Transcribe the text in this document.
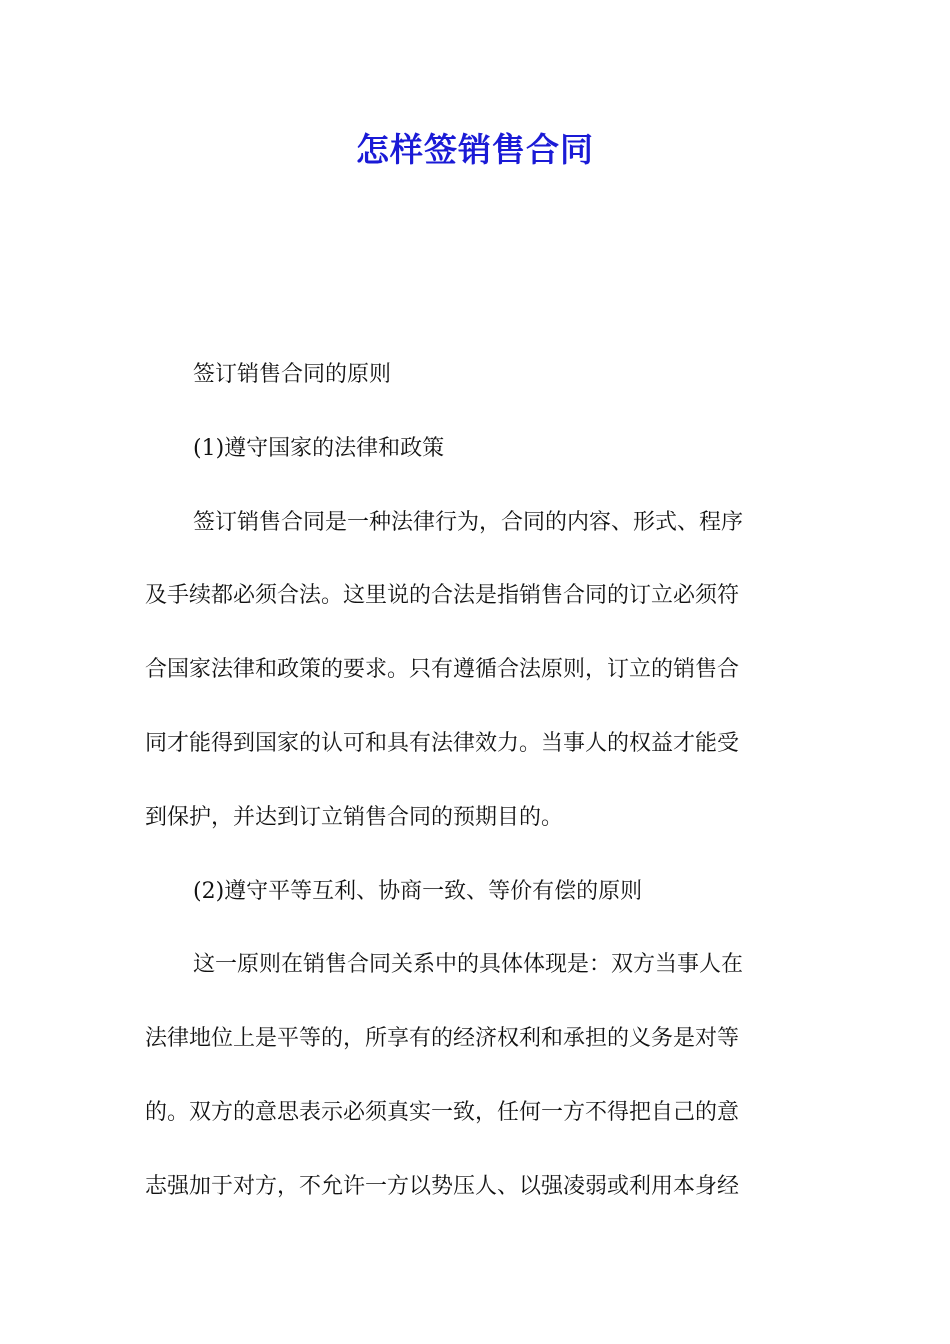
怎样签销售合同
签订销售合同的原则
(1)遵守国家的法律和政策
签订销售合同是一种法律行为，合同的内容、形式、程序
及手续都必须合法。这里说的合法是指销售合同的订立必须符
合国家法律和政策的要求。只有遵循合法原则，订立的销售合
同才能得到国家的认可和具有法律效力。当事人的权益才能受
到保护，并达到订立销售合同的预期目的。
(2)遵守平等互利、协商一致、等价有偿的原则
这一原则在销售合同关系中的具体体现是：双方当事人在
法律地位上是平等的，所享有的经济权利和承担的义务是对等
的。双方的意思表示必须真实一致，任何一方不得把自己的意
志强加于对方，不允许一方以势压人、以强凌弱或利用本身经
